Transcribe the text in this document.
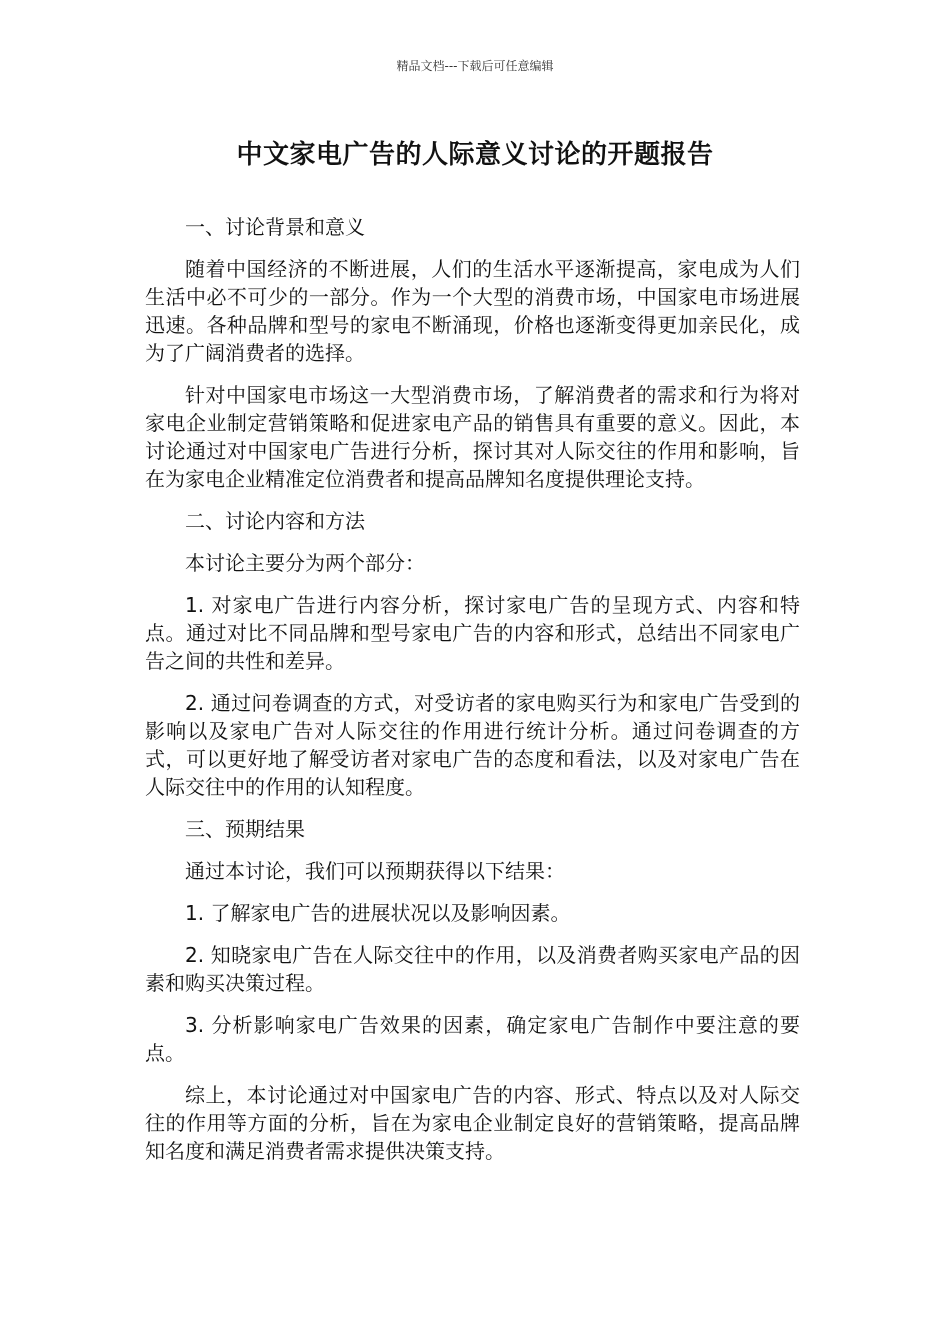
精品文档---下载后可任意编辑
中文家电广告的人际意义讨论的开题报告

一、讨论背景和意义

随着中国经济的不断进展，人们的生活水平逐渐提高，家电成为人们生活中必不可少的一部分。作为一个大型的消费市场，中国家电市场进展迅速。各种品牌和型号的家电不断涌现，价格也逐渐变得更加亲民化，成为了广阔消费者的选择。

针对中国家电市场这一大型消费市场，了解消费者的需求和行为将对家电企业制定营销策略和促进家电产品的销售具有重要的意义。因此，本讨论通过对中国家电广告进行分析，探讨其对人际交往的作用和影响，旨在为家电企业精准定位消费者和提高品牌知名度提供理论支持。

二、讨论内容和方法

本讨论主要分为两个部分：

1. 对家电广告进行内容分析，探讨家电广告的呈现方式、内容和特点。通过对比不同品牌和型号家电广告的内容和形式，总结出不同家电广告之间的共性和差异。

2. 通过问卷调查的方式，对受访者的家电购买行为和家电广告受到的影响以及家电广告对人际交往的作用进行统计分析。通过问卷调查的方式，可以更好地了解受访者对家电广告的态度和看法，以及对家电广告在人际交往中的作用的认知程度。

三、预期结果

通过本讨论，我们可以预期获得以下结果：

1. 了解家电广告的进展状况以及影响因素。

2. 知晓家电广告在人际交往中的作用，以及消费者购买家电产品的因素和购买决策过程。

3. 分析影响家电广告效果的因素，确定家电广告制作中要注意的要点。

综上，本讨论通过对中国家电广告的内容、形式、特点以及对人际交往的作用等方面的分析，旨在为家电企业制定良好的营销策略，提高品牌知名度和满足消费者需求提供决策支持。
